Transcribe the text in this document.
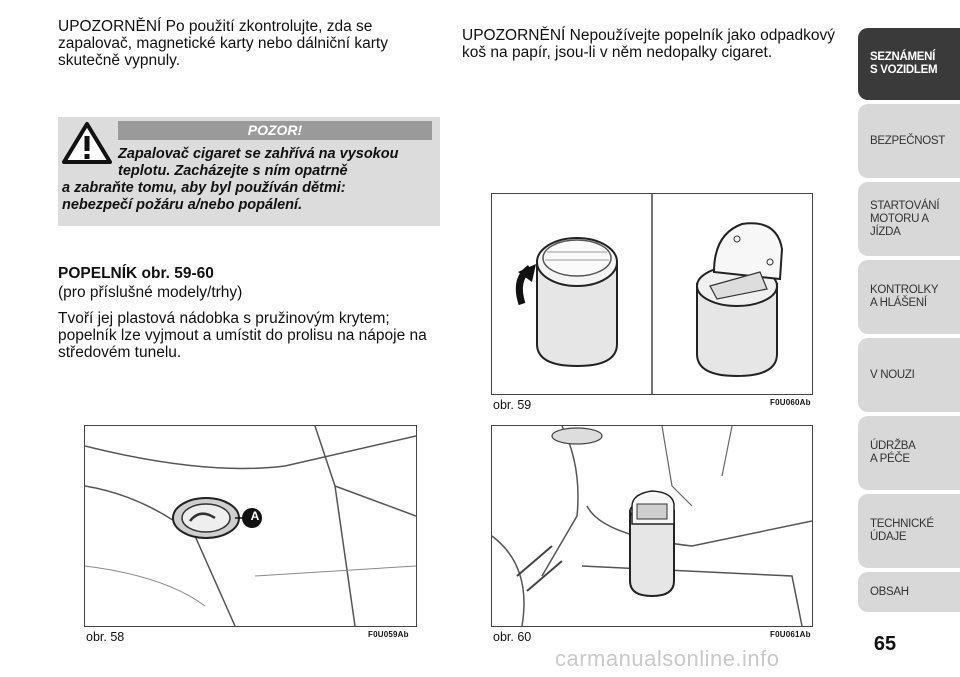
UPOZORNĚNÍ Po použití zkontrolujte, zda se
zapalovač, magnetické karty nebo dálniční karty
skutečně vypnuly.
POZOR!
Zapalovač cigaret se zahřívá na vysokou
teplotu. Zacházejte s ním opatrně
a zabraňte tomu, aby byl používán dětmi:
nebezpečí požáru a/nebo popálení.
POPELNÍK obr. 59-60
(pro příslušné modely/trhy)
Tvoří jej plastová nádobka s pružinovým krytem;
popelník lze vyjmout a umístit do prolisu na nápoje na
středovém tunelu.
UPOZORNĚNÍ Nepoužívejte popelník jako odpadkový
koš na papír, jsou-li v něm nedopalky cigaret.
obr. 59	F0U060Ab
A
obr. 58	F0U059Ab	obr. 60	F0U061Ab
SEZNÁMENÍ
S VOZIDLEM
BEZPEČNOST
STARTOVÁNÍ
MOTORU A JÍZDA
KONTROLKY
A HLÁŠENÍ
V NOUZI
ÚDRŽBA
A PÉČE
TECHNICKÉ
ÚDAJE
OBSAH
65
carmanualsonline.info
